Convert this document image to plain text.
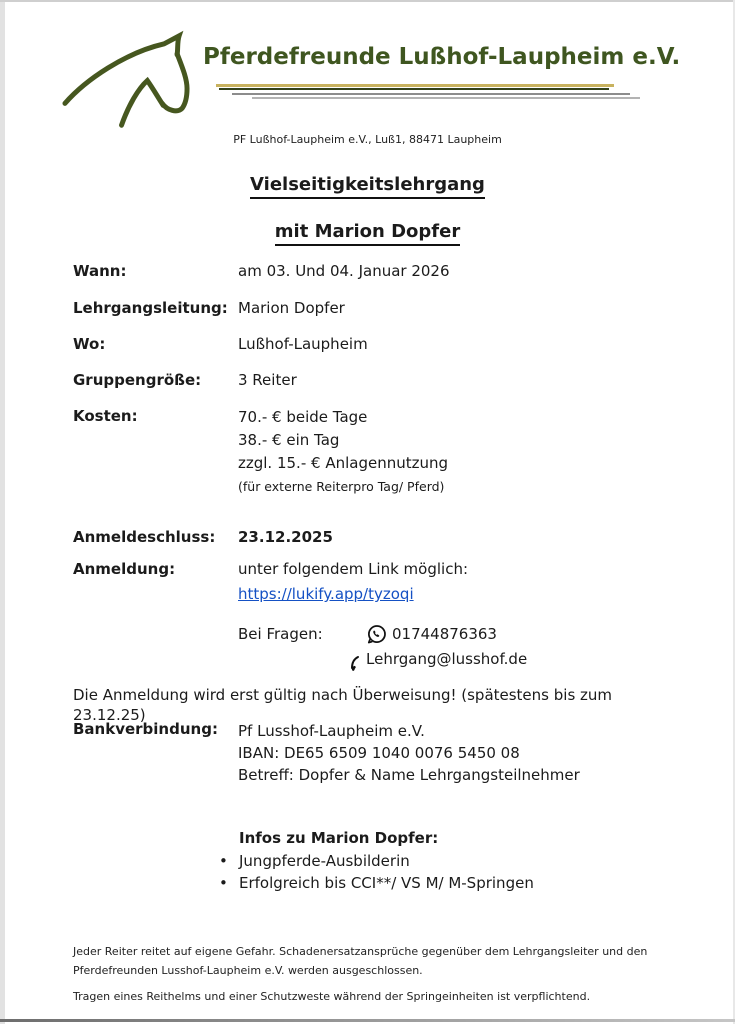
Pferdefreunde Lußhof-Laupheim e.V.
PF Lußhof-Laupheim e.V., Luß1, 88471 Laupheim
Vielseitigkeitslehrgang
mit Marion Dopfer
Wann:	am 03. Und 04. Januar 2026
Lehrgangsleitung: Marion Dopfer
Wo:	Lußhof-Laupheim
Gruppengröße:	3 Reiter
Kosten:	70.- € beide Tage
38.- € ein Tag
zzgl. 15.- € Anlagennutzung
(für externe Reiterpro Tag/ Pferd)
Anmeldeschluss:	23.12.2025
Anmeldung:	unter folgendem Link möglich:
https://lukify.app/tyzoqi
Bei Fragen:	01744876363
Lehrgang@lusshof.de
Die Anmeldung wird erst gültig nach Überweisung! (spätestens bis zum 23.12.25)
Bankverbindung:	Pf Lusshof-Laupheim e.V.
IBAN: DE65 6509 1040 0076 5450 08
Betreff: Dopfer & Name Lehrgangsteilnehmer
Infos zu Marion Dopfer:
• Jungpferde-Ausbilderin
• Erfolgreich bis CCI**/ VS M/ M-Springen

Jeder Reiter reitet auf eigene Gefahr. Schadenersatzansprüche gegenüber dem Lehrgangsleiter und den Pferdefreunden Lusshof-Laupheim e.V. werden ausgeschlossen.

Tragen eines Reithelms und einer Schutzweste während der Springeinheiten ist verpflichtend.
